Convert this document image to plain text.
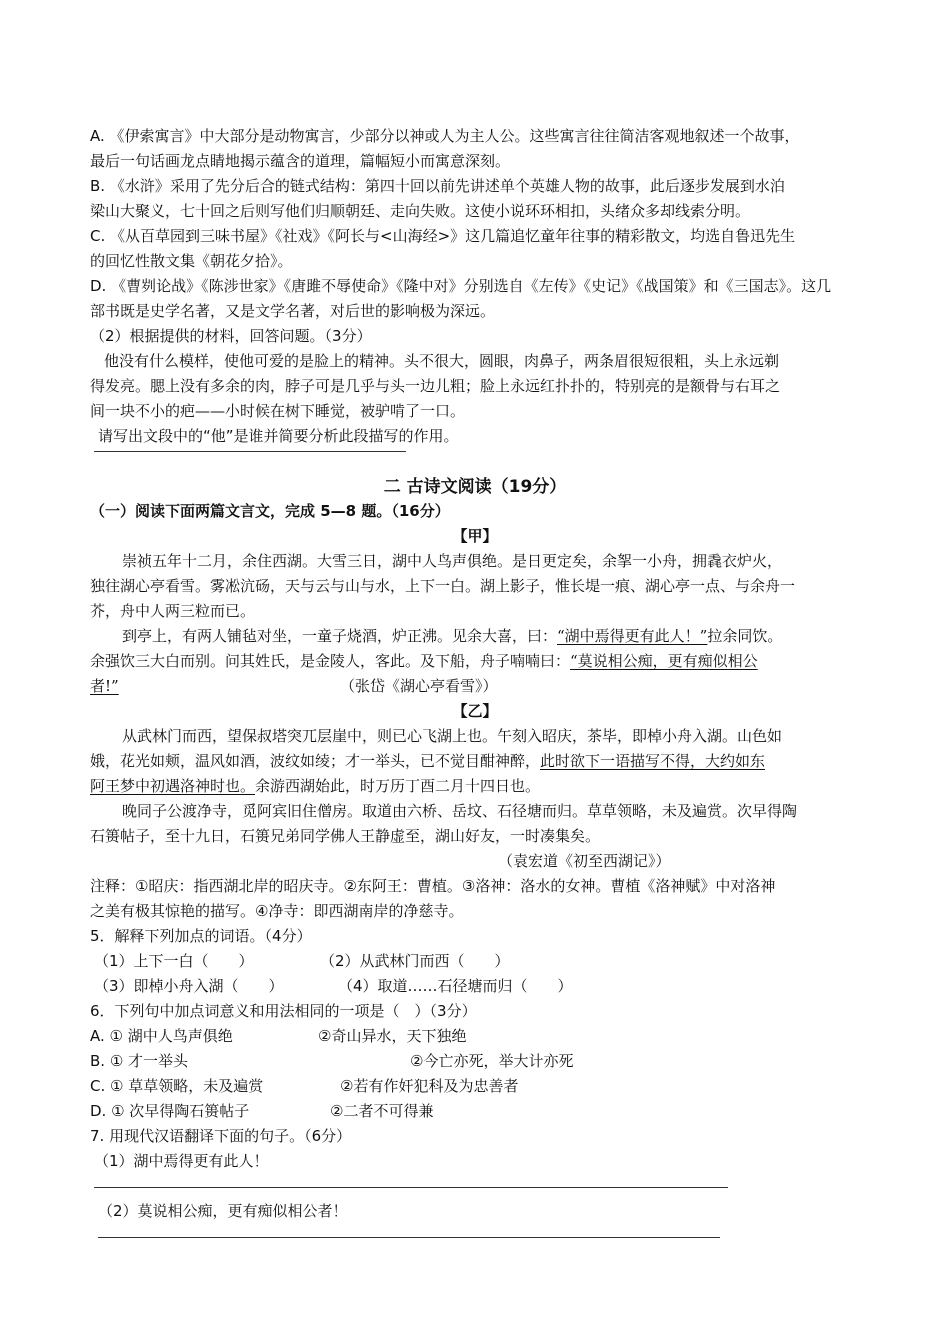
A. 《伊索寓言》中大部分是动物寓言，少部分以神或人为主人公。这些寓言往往简洁客观地叙述一个故事，
最后一句话画龙点睛地揭示蕴含的道理，篇幅短小而寓意深刻。
B. 《水浒》采用了先分后合的链式结构：第四十回以前先讲述单个英雄人物的故事，此后逐步发展到水泊
梁山大聚义，七十回之后则写他们归顺朝廷、走向失败。这使小说环环相扣，头绪众多却线索分明。
C. 《从百草园到三味书屋》《社戏》《阿长与<山海经>》这几篇追忆童年往事的精彩散文，均选自鲁迅先生
的回忆性散文集《朝花夕拾》。
D. 《曹刿论战》《陈涉世家》《唐雎不辱使命》《隆中对》分别选自《左传》《史记》《战国策》和《三国志》。这几
部书既是史学名著，又是文学名著，对后世的影响极为深远。
（2）根据提供的材料，回答问题。（3分）
他没有什么模样，使他可爱的是脸上的精神。头不很大，圆眼，肉鼻子，两条眉很短很粗，头上永远剃
得发亮。腮上没有多余的肉，脖子可是几乎与头一边儿粗；脸上永远红扑扑的，特别亮的是额骨与右耳之
间一块不小的疤——小时候在树下睡觉，被驴啃了一口。
请写出文段中的“他”是谁并简要分析此段描写的作用。
二 古诗文阅读（19分）
（一）阅读下面两篇文言文，完成 5—8 题。（16分）
【甲】
崇祯五年十二月，余住西湖。大雪三日，湖中人鸟声俱绝。是日更定矣，余挐一小舟，拥毳衣炉火，
独往湖心亭看雪。雾凇沆砀，天与云与山与水，上下一白。湖上影子，惟长堤一痕、湖心亭一点、与余舟一
芥，舟中人两三粒而已。
到亭上，有两人铺毡对坐，一童子烧酒，炉正沸。见余大喜，曰：“湖中焉得更有此人！”拉余同饮。
余强饮三大白而别。问其姓氏，是金陵人，客此。及下船，舟子喃喃曰：“莫说相公痴，更有痴似相公
者!”	（张岱《湖心亭看雪》）
【乙】
从武林门而西，望保叔塔突兀层崖中，则已心飞湖上也。午刻入昭庆，茶毕，即棹小舟入湖。山色如
娥，花光如颊，温风如酒，波纹如绫；才一举头，已不觉目酣神醉，此时欲下一语描写不得，大约如东
阿王梦中初遇洛神时也。余游西湖始此，时万历丁酉二月十四日也。
晚同子公渡净寺，觅阿宾旧住僧房。取道由六桥、岳坟、石径塘而归。草草领略，未及遍赏。次早得陶
石篑帖子，至十九日，石篑兄弟同学佛人王静虚至，湖山好友，一时凑集矣。
（袁宏道《初至西湖记》）
注释：①昭庆：指西湖北岸的昭庆寺。②东阿王：曹植。③洛神：洛水的女神。曹植《洛神赋》中对洛神
之美有极其惊艳的描写。④净寺：即西湖南岸的净慈寺。
5．解释下列加点的词语。（4分）
（1）上下一白（　　）	（2）从武林门而西（　　）
（3）即棹小舟入湖（　　）	（4）取道……石径塘而归（　　）
6．下列句中加点词意义和用法相同的一项是（　）（3分）
A. ① 湖中人鸟声俱绝	②奇山异水，天下独绝
B. ① 才一举头	②今亡亦死，举大计亦死
C. ① 草草领略，未及遍赏	②若有作奸犯科及为忠善者
D. ① 次早得陶石篑帖子	②二者不可得兼
7. 用现代汉语翻译下面的句子。（6分）
（1）湖中焉得更有此人！
（2）莫说相公痴，更有痴似相公者！
